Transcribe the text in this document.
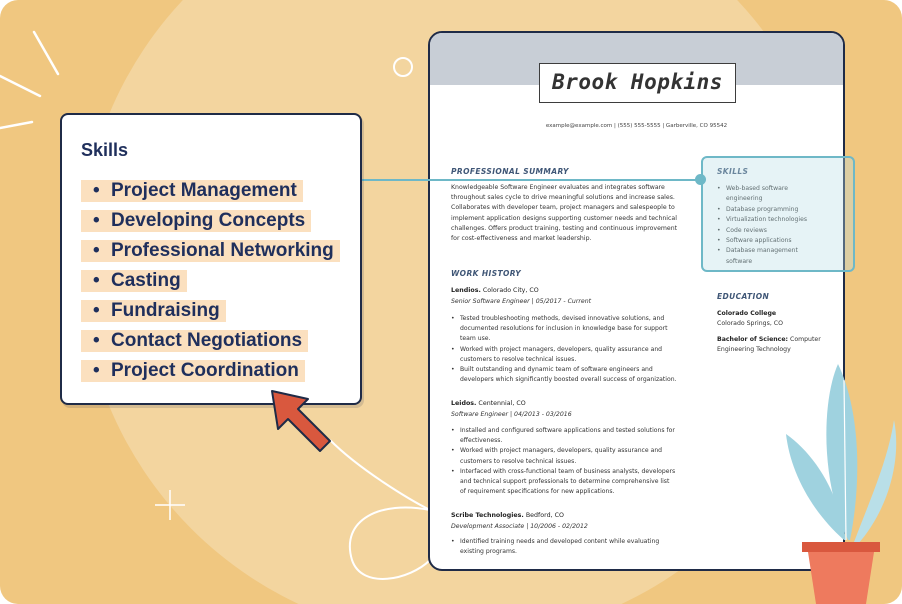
Brook Hopkins
example@example.com | (555) 555-5555 | Garberville, CO 95542
PROFESSIONAL SUMMARY
Knowledgeable Software Engineer evaluates and integrates software
throughout sales cycle to drive meaningful solutions and increase sales.
Collaborates with developer team, project managers and salespeople to
implement application designs supporting customer needs and technical
challenges. Offers product training, testing and continuous improvement
for cost-effectiveness and market leadership.
WORK HISTORY
Lendios. Colorado City, CO
Senior Software Engineer | 05/2017 - Current
• Tested troubleshooting methods, devised innovative solutions, and
documented resolutions for inclusion in knowledge base for support
team use.
• Worked with project managers, developers, quality assurance and
customers to resolve technical issues.
• Built outstanding and dynamic team of software engineers and
developers which significantly boosted overall success of organization.
Leidos. Centennial, CO
Software Engineer | 04/2013 - 03/2016
• Installed and configured software applications and tested solutions for
effectiveness.
• Worked with project managers, developers, quality assurance and
customers to resolve technical issues.
• Interfaced with cross-functional team of business analysts, developers
and technical support professionals to determine comprehensive list
of requirement specifications for new applications.
Scribe Technologies. Bedford, CO
Development Associate | 10/2006 - 02/2012
• Identified training needs and developed content while evaluating
existing programs.
SKILLS
• Web-based software engineering
• Database programming
• Virtualization technologies
• Code reviews
• Software applications
• Database management software
EDUCATION
Colorado College
Colorado Springs, CO
Bachelor of Science: Computer Engineering Technology
Skills
• Project Management
• Developing Concepts
• Professional Networking
• Casting
• Fundraising
• Contact Negotiations
• Project Coordination
